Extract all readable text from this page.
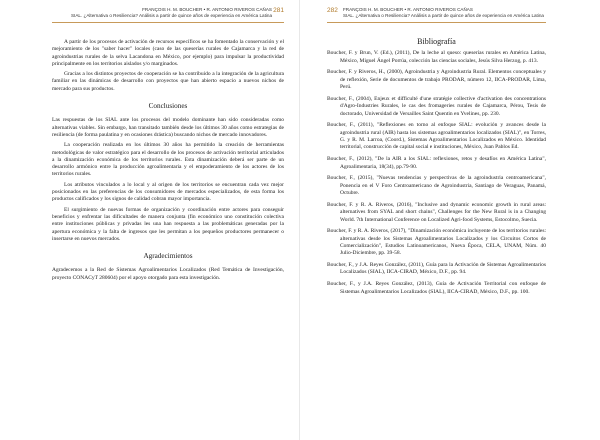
FRANÇOIS H. M. BOUCHER • R. ANTONIO RIVEROS CAÑAS
SIAL. ¿Alternativa o Resiliencia? Análisis a partir de quince años de experiencia en América Latina
281

A partir de los procesos de activación de recursos específicos se ha fomentado la conservación y el mejoramiento de los "saber hacer" locales (caso de las queserías rurales de Cajamarca y la red de agroindustrias rurales de la selva Lacandona en México, por ejemplo) para impulsar la productividad principalmente en los territorios aislados y/o marginados.

Gracias a los distintos proyectos de cooperación se ha contribuido a la integración de la agricultura familiar en las dinámicas de desarrollo con proyectos que han abierto espacio a nuevos nichos de mercado para sus productos.

Conclusiones

Las respuestas de los SIAL ante los procesos del modelo dominante han sido consideradas como alternativas viables. Sin embargo, han transitado también desde los últimos 30 años como estrategias de resiliencia (de forma paulatina y en ocasiones drástica) buscando nichos de mercado innovadores.

La cooperación realizada en los últimos 30 años ha permitido la creación de herramientas metodológicas de valor estratégico para el desarrollo de los procesos de activación territorial articulados a la dinamización económica de los territorios rurales. Esta dinamización deberá ser parte de un desarrollo armónico entre la producción agroalimentaria y el empoderamiento de los actores de los territorios rurales.

Los atributos vinculados a lo local y al origen de los territorios se encuentran cada vez mejor posicionados en las preferencias de los consumidores de mercados especializados, de esta forma los productos calificados y los signos de calidad cobran mayor importancia.

El surgimiento de nuevas formas de organización y coordinación entre actores para conseguir beneficios y enfrentar las dificultades de manera conjunta (fin económico uno constitución colectiva entre instituciones públicas y privadas les una han respuesta a las problemáticas generadas por la apertura económica y la falta de ingresos que les permitan a los pequeños productores permanecer o insertarse en nuevos mercados.

Agradecimientos

Agradecemos a la Red de Sistemas Agroalimentarios Localizados (Red Temática de Investigación, proyecto CONACyT 280604) por el apoyo otorgado para esta investigación.

282 FRANÇOIS H. M. BOUCHER • R. ANTONIO RIVEROS CAÑAS
SIAL. ¿Alternativa o Resiliencia? Análisis a partir de quince años de experiencia en América Latina
Bibliografía
Boucher, F. y Brun, V. (Ed.), (2011), De la leche al queso: queserías rurales en América Latina, México, Miguel Ángel Porrúa, colección las ciencias sociales, Jesús Silva Herzog, p. 413.
Boucher, F. y Riveros, H., (2000), Agroindustria y Agroindustria Rural. Elementos conceptuales y de reflexión, Serie de documentos de trabajo PRODAR, número 12, IICA-PRODAR, Lima, Perú.
Boucher, F., (2004), Enjeux et difficulté d'une stratégie collective d'activation des concentrations d'Agro-Industries Rurales, le cas des fromageries rurales de Cajamarca, Pérou, Tesis de doctorado, Universidad de Versailles Saint Quentin en Yvelines, pp. 230.
Boucher, F., (2011), "Reflexiones en torno al enfoque SIAL: evolución y avances desde la agroindustria rural (AIR) hasta los sistemas agroalimentarios localizados (SIAL)", en Torres, G. y R. M. Larroa, (Coord.), Sistemas Agroalimentarios Localizados en México. Identidad territorial, construcción de capital social e instituciones, México, Juan Pablos Ed.
Boucher, F., (2012), "De la AIR a los SIAL: reflexiones, retos y desafíos en América Latina", Agroalimentaria, 18(34), pp.79-90.
Boucher, F., (2015), "Nuevas tendencias y perspectivas de la agroindustria centroamericana", Ponencia en el V Foro Centroamericano de Agroindustria, Santiago de Veraguas, Panamá, Octubre.
Boucher, F. y R. A. Riveros, (2016), "Inclusive and dynamic economic growth in rural areas: alternatives from SYAL and short chains", Challenges for the New Rural is in a Changing World. 7th International Conference on Localized Agri-food Systems, Estocolmo, Suecia.
Boucher, F. y R. A. Riveros, (2017), "Dinamización económica incluyente de los territorios rurales: alternativas desde los Sistemas Agroalimentarios Localizados y los Circuitos Cortos de Comercialización", Estudios Latinoamericanos, Nueva Época, CELA, UNAM, Núm. 40 Julio-Diciembre, pp. 39-58.
Boucher, F., y J.A. Reyes González, (2011), Guía para la Activación de Sistemas Agroalimentarios Localizados (SIAL), IICA-CIRAD, México, D.F., pp. 94.
Boucher, F., y J.A. Reyes González, (2013), Guía de Activación Territorial con enfoque de Sistemas Agroalimentarios Localizados (SIAL), IICA-CIRAD, México, D.F., pp. 100.
